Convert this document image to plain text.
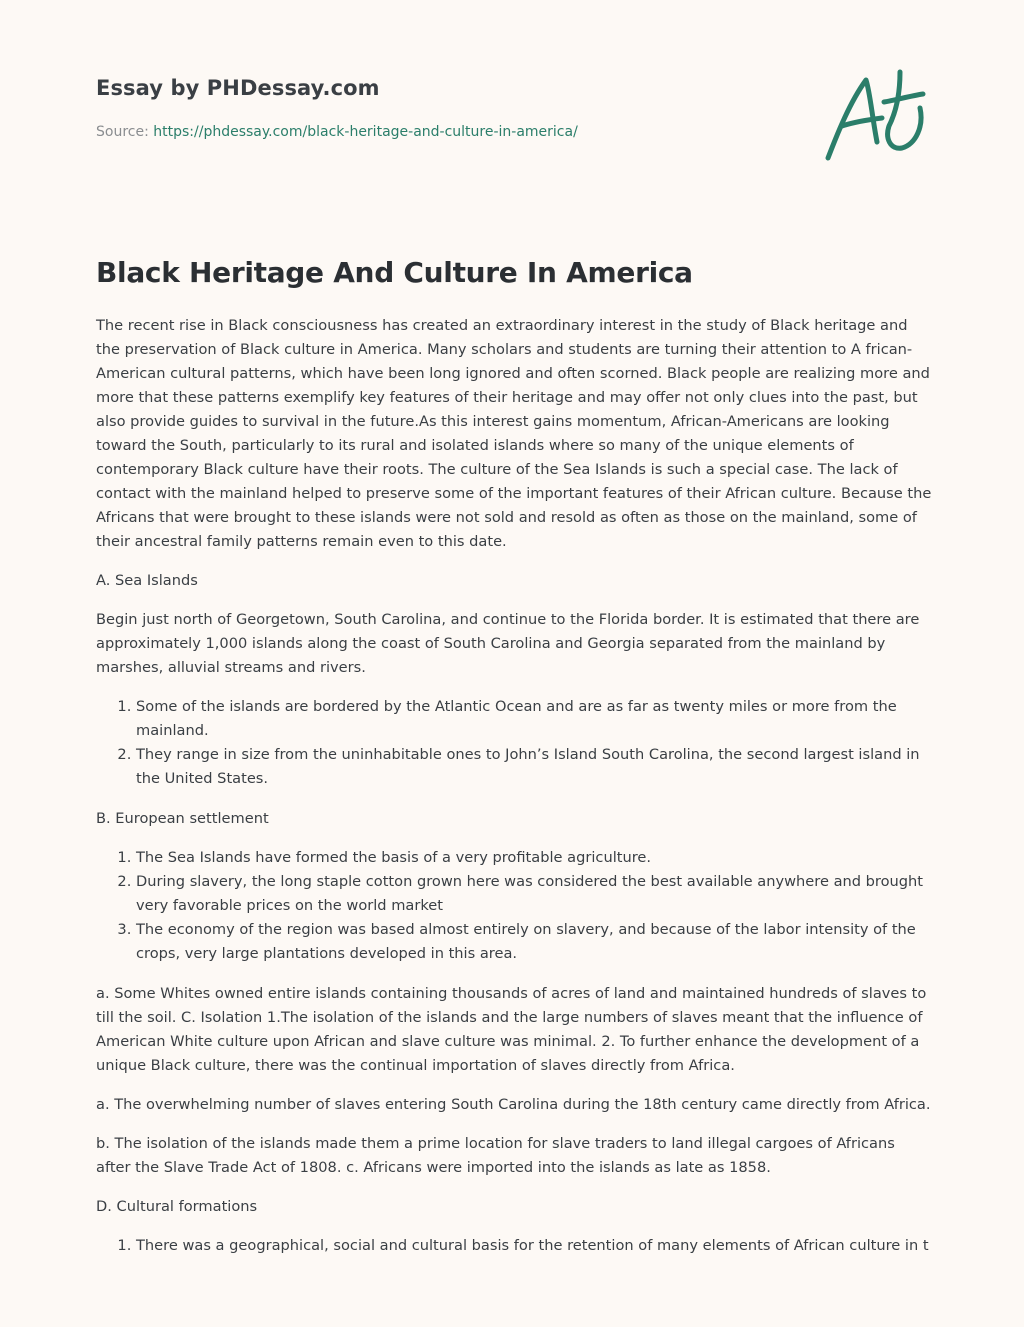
Essay by PHDessay.com
Source: https://phdessay.com/black-heritage-and-culture-in-america/
Black Heritage And Culture In America

The recent rise in Black consciousness has created an extraordinary interest in the study of Black heritage and the preservation of Black culture in America. Many scholars and students are turning their attention to A frican-American cultural patterns, which have been long ignored and often scorned. Black people are realizing more and more that these patterns exemplify key features of their heritage and may offer not only clues into the past, but also provide guides to survival in the future.As this interest gains momentum, African-Americans are looking toward the South, particularly to its rural and isolated islands where so many of the unique elements of contemporary Black culture have their roots. The culture of the Sea Islands is such a special case. The lack of contact with the mainland helped to preserve some of the important features of their African culture. Because the Africans that were brought to these islands were not sold and resold as often as those on the mainland, some of their ancestral family patterns remain even to this date.

A. Sea Islands

Begin just north of Georgetown, South Carolina, and continue to the Florida border. It is estimated that there are approximately 1,000 islands along the coast of South Carolina and Georgia separated from the mainland by marshes, alluvial streams and rivers.

1. Some of the islands are bordered by the Atlantic Ocean and are as far as twenty miles or more from the mainland.
2. They range in size from the uninhabitable ones to John’s Island South Carolina, the second largest island in the United States.

B. European settlement

1. The Sea Islands have formed the basis of a very profitable agriculture.
2. During slavery, the long staple cotton grown here was considered the best available anywhere and brought very favorable prices on the world market
3. The economy of the region was based almost entirely on slavery, and because of the labor intensity of the crops, very large plantations developed in this area.

a. Some Whites owned entire islands containing thousands of acres of land and maintained hundreds of slaves to till the soil. C. Isolation 1.The isolation of the islands and the large numbers of slaves meant that the influence of American White culture upon African and slave culture was minimal. 2. To further enhance the development of a unique Black culture, there was the continual importation of slaves directly from Africa.

a. The overwhelming number of slaves entering South Carolina during the 18th century came directly from Africa.

b. The isolation of the islands made them a prime location for slave traders to land illegal cargoes of Africans after the Slave Trade Act of 1808. c. Africans were imported into the islands as late as 1858.

D. Cultural formations

1. There was a geographical, social and cultural basis for the retention of many elements of African culture in t
